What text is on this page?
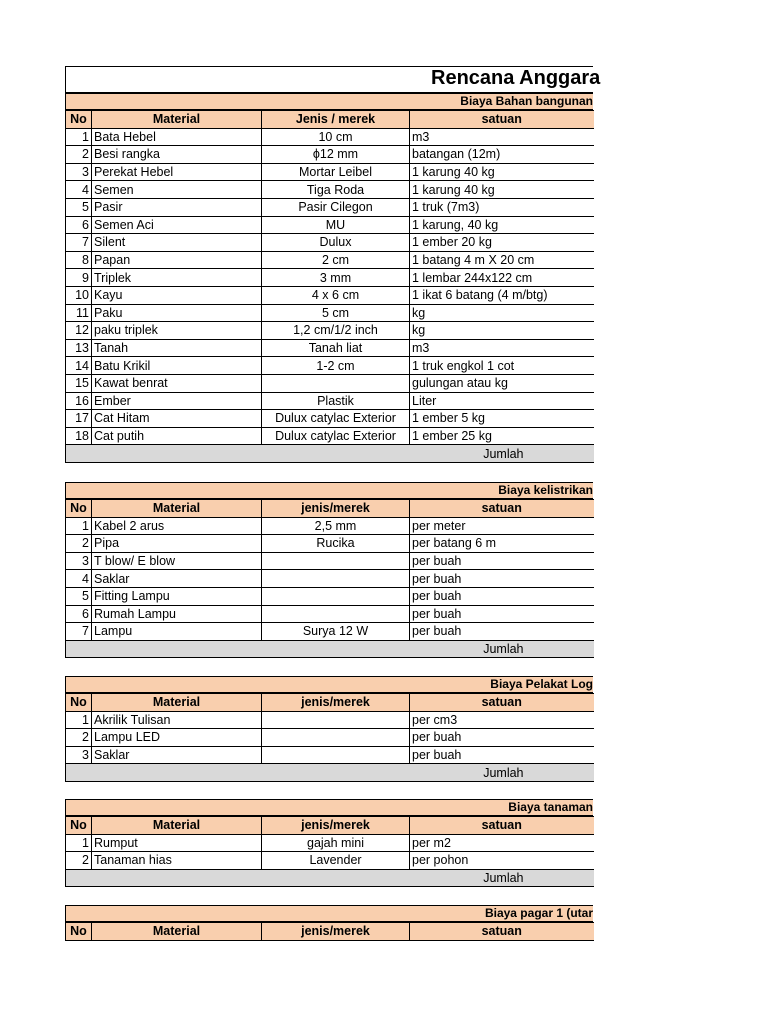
Rencana Anggara
Biaya Bahan bangunan
No	Material	Jenis / merek	satuan
1	Bata Hebel	10 cm	m3
2	Besi rangka	ϕ12 mm	batangan (12m)
3	Perekat Hebel	Mortar Leibel	1 karung 40 kg
4	Semen	Tiga Roda	1 karung 40 kg
5	Pasir	Pasir Cilegon	1 truk (7m3)
6	Semen Aci	MU	1 karung, 40 kg
7	Silent	Dulux	1 ember 20 kg
8	Papan	2 cm	1 batang 4 m X 20 cm
9	Triplek	3 mm	1 lembar 244x122 cm
10	Kayu	4 x 6 cm	1 ikat 6 batang (4 m/btg)
11	Paku	5 cm	kg
12	paku triplek	1,2 cm/1/2 inch	kg
13	Tanah	Tanah liat	m3
14	Batu Krikil	1-2 cm	1 truk engkol 1 cot
15	Kawat benrat		gulungan atau kg
16	Ember	Plastik	Liter
17	Cat Hitam	Dulux catylac Exterior	1 ember 5 kg
18	Cat putih	Dulux catylac Exterior	1 ember 25 kg
Jumlah			
Biaya kelistrikan
No	Material	jenis/merek	satuan
1	Kabel 2 arus	2,5 mm	per meter
2	Pipa	Rucika	per batang 6 m
3	T blow/ E blow		per buah
4	Saklar		per buah
5	Fitting Lampu		per buah
6	Rumah Lampu		per buah
7	Lampu	Surya 12 W	per buah
Jumlah			
Biaya Pelakat Log
No	Material	jenis/merek	satuan
1	Akrilik Tulisan		per cm3
2	Lampu LED		per buah
3	Saklar		per buah
Jumlah			
Biaya tanaman
No	Material	jenis/merek	satuan
1	Rumput	gajah mini	per m2
2	Tanaman hias	Lavender	per pohon
Jumlah			
Biaya pagar 1 (utar
No	Material	jenis/merek	satuan
